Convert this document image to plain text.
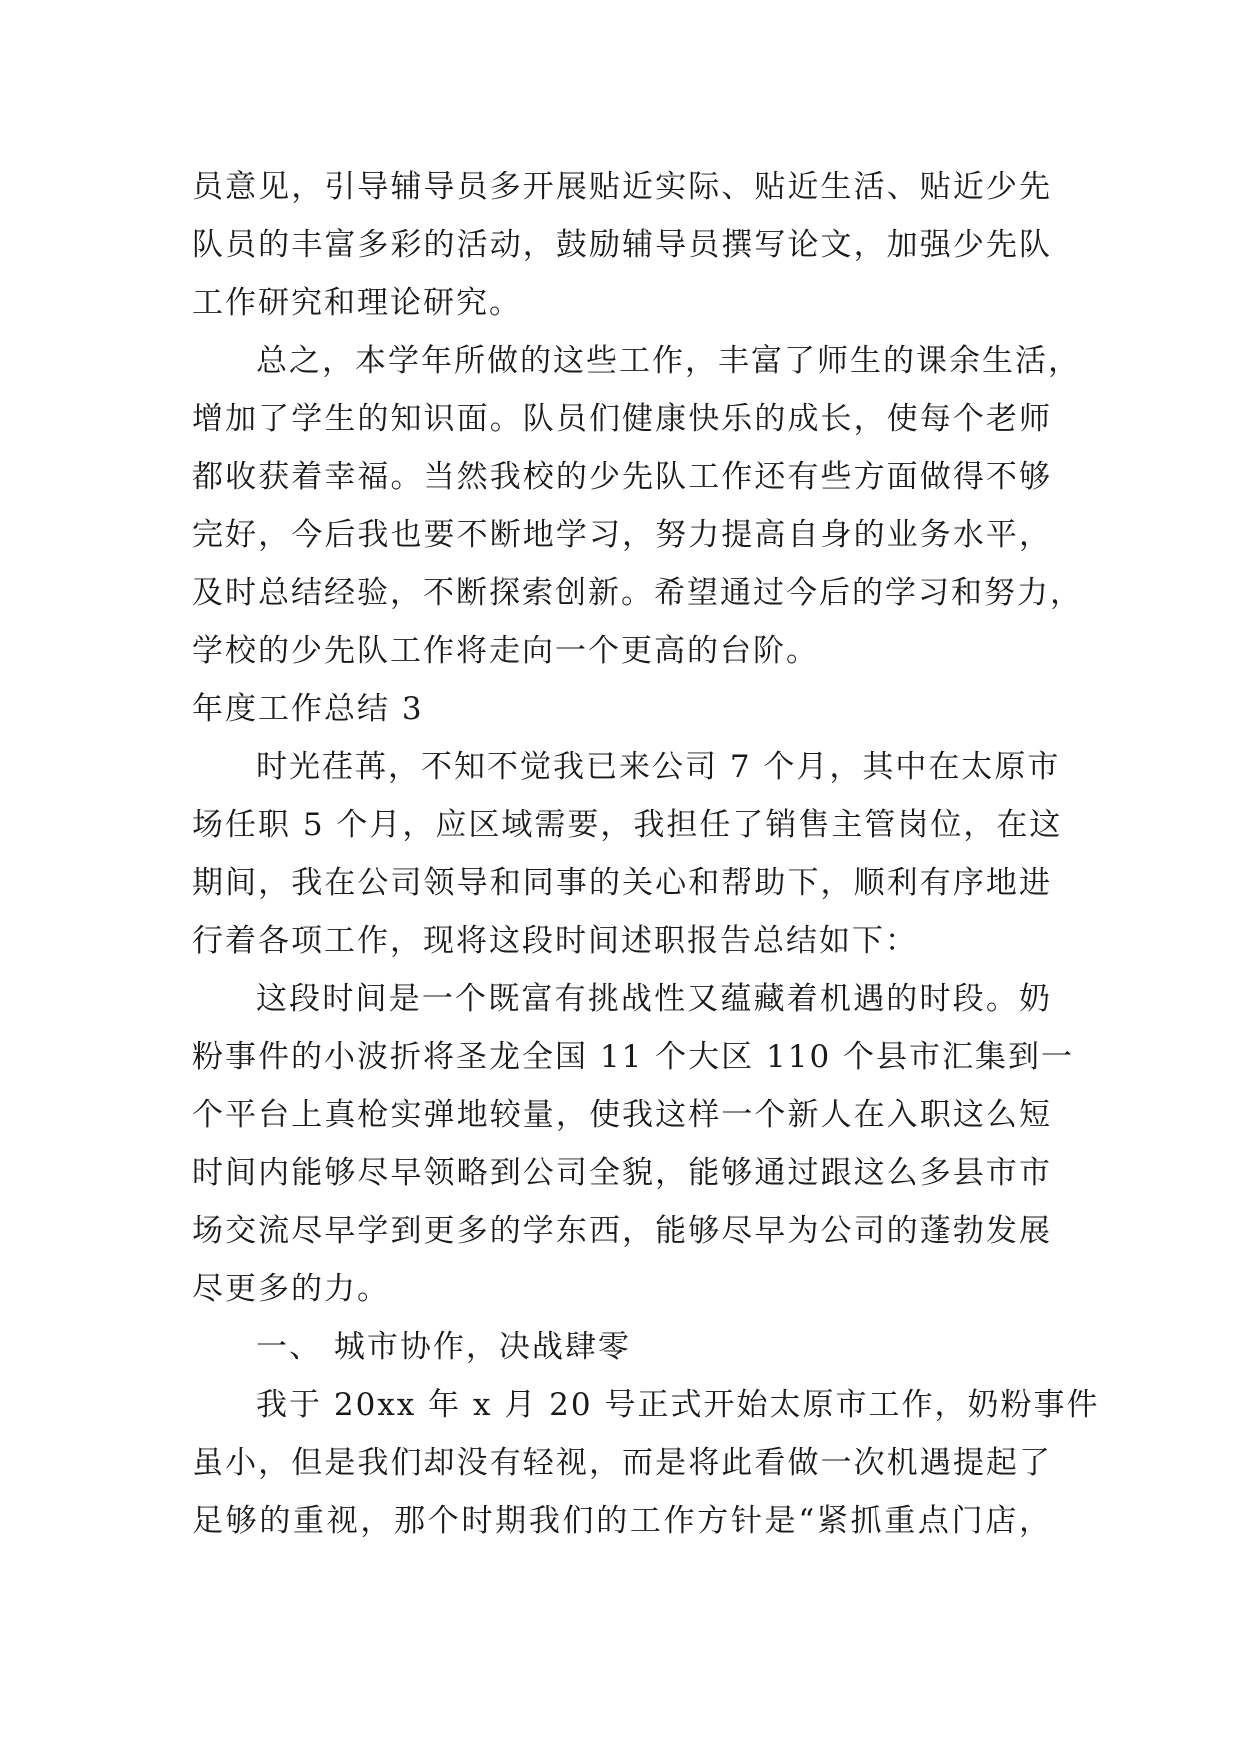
员意见，引导辅导员多开展贴近实际、贴近生活、贴近少先
队员的丰富多彩的活动，鼓励辅导员撰写论文，加强少先队
工作研究和理论研究。
总之，本学年所做的这些工作，丰富了师生的课余生活，
增加了学生的知识面。队员们健康快乐的成长，使每个老师
都收获着幸福。当然我校的少先队工作还有些方面做得不够
完好，今后我也要不断地学习，努力提高自身的业务水平，
及时总结经验，不断探索创新。希望通过今后的学习和努力，
学校的少先队工作将走向一个更高的台阶。
年度工作总结 3
时光荏苒，不知不觉我已来公司 7 个月，其中在太原市
场任职 5 个月，应区域需要，我担任了销售主管岗位，在这
期间，我在公司领导和同事的关心和帮助下，顺利有序地进
行着各项工作，现将这段时间述职报告总结如下：
这段时间是一个既富有挑战性又蕴藏着机遇的时段。奶
粉事件的小波折将圣龙全国 11 个大区 110 个县市汇集到一
个平台上真枪实弹地较量，使我这样一个新人在入职这么短
时间内能够尽早领略到公司全貌，能够通过跟这么多县市市
场交流尽早学到更多的学东西，能够尽早为公司的蓬勃发展
尽更多的力。
一、 城市协作，决战肆零
我于 20xx 年 x 月 20 号正式开始太原市工作，奶粉事件
虽小，但是我们却没有轻视，而是将此看做一次机遇提起了
足够的重视，那个时期我们的工作方针是“紧抓重点门店，
